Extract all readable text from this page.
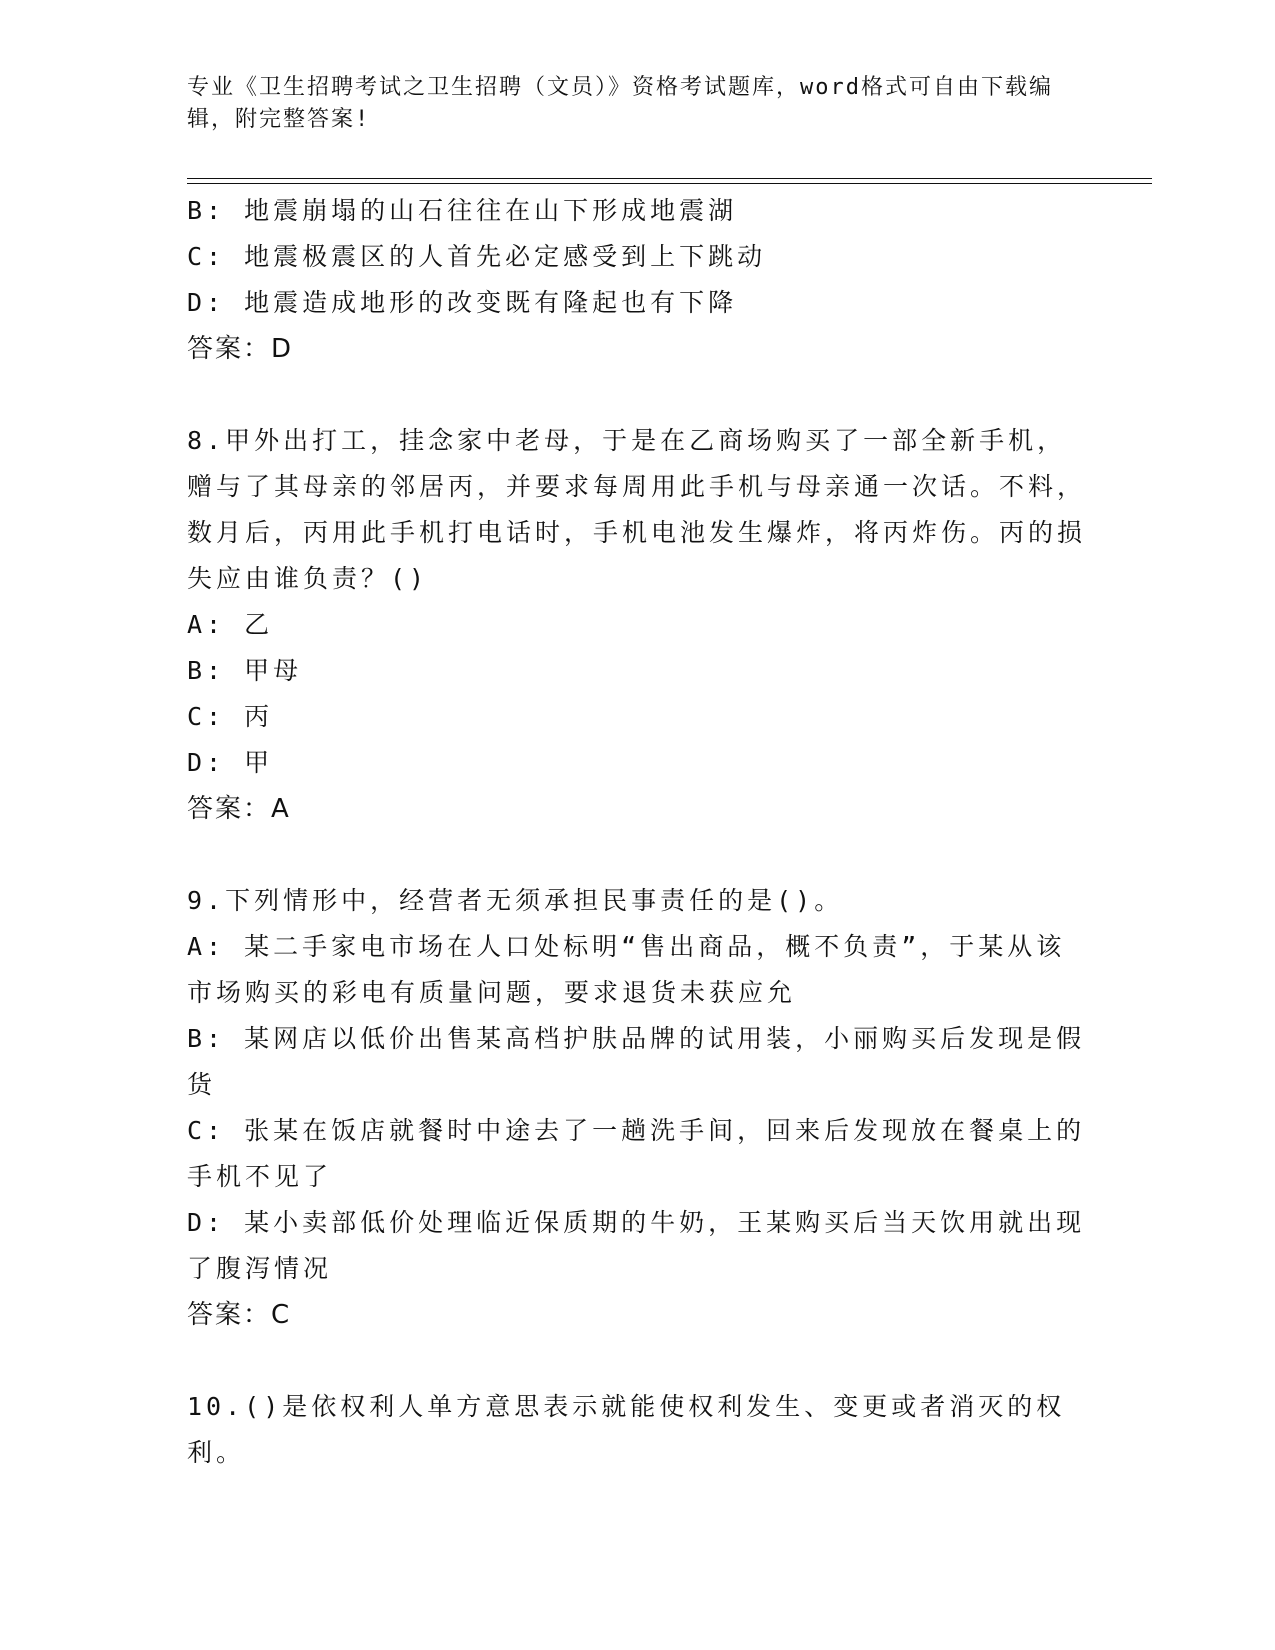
专业《卫生招聘考试之卫生招聘（文员）》资格考试题库，word格式可自由下载编辑，附完整答案!
B: 地震崩塌的山石往往在山下形成地震湖
C: 地震极震区的人首先必定感受到上下跳动
D: 地震造成地形的改变既有隆起也有下降
答案：D
8.甲外出打工，挂念家中老母，于是在乙商场购买了一部全新手机，赠与了其母亲的邻居丙，并要求每周用此手机与母亲通一次话。不料，数月后，丙用此手机打电话时，手机电池发生爆炸，将丙炸伤。丙的损失应由谁负责？()
A: 乙
B: 甲母
C: 丙
D: 甲
答案：A
9.下列情形中，经营者无须承担民事责任的是()。
A: 某二手家电市场在人口处标明“售出商品，概不负责”，于某从该市场购买的彩电有质量问题，要求退货未获应允
B: 某网店以低价出售某高档护肤品牌的试用装，小丽购买后发现是假货
C: 张某在饭店就餐时中途去了一趟洗手间，回来后发现放在餐桌上的手机不见了
D: 某小卖部低价处理临近保质期的牛奶，王某购买后当天饮用就出现了腹泻情况
答案：C
10.()是依权利人单方意思表示就能使权利发生、变更或者消灭的权利。
